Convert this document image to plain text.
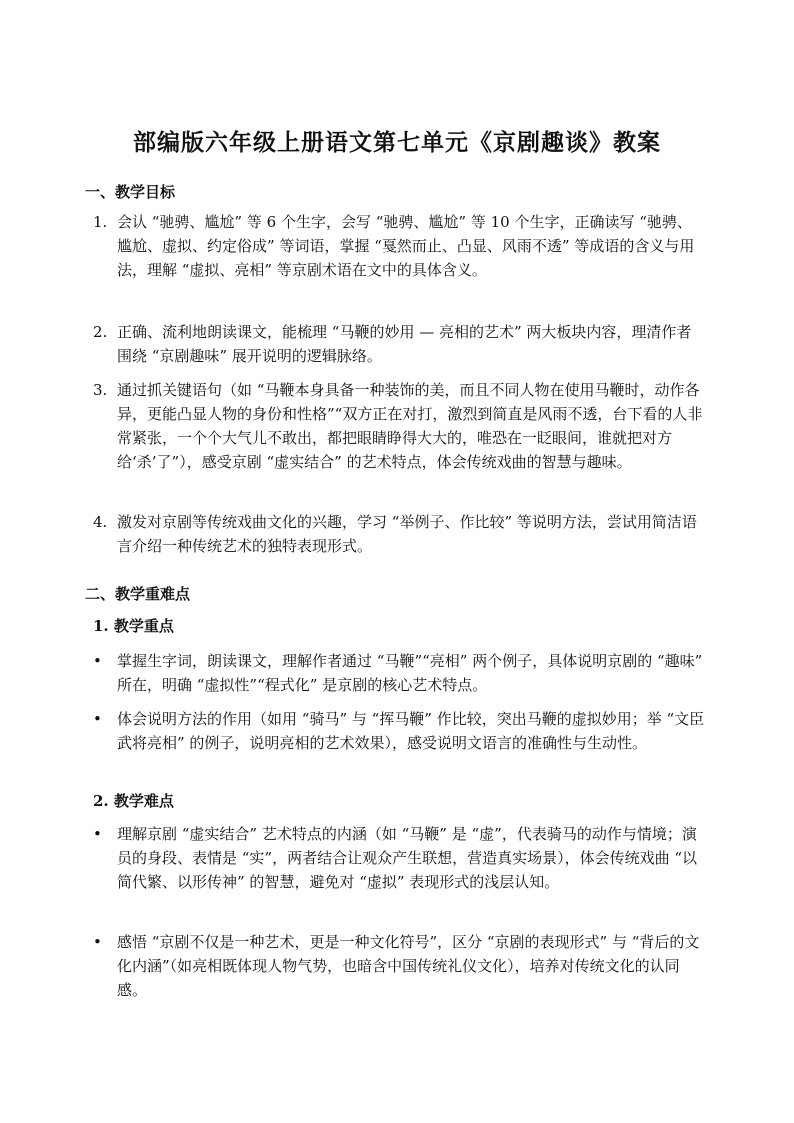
部编版六年级上册语文第七单元《京剧趣谈》教案
一、教学目标
1. 会认 “驰骋、尴尬” 等 6 个生字，会写 “驰骋、尴尬” 等 10 个生字，正确读写 “驰骋、尴尬、虚拟、约定俗成” 等词语，掌握 “戛然而止、凸显、风雨不透” 等成语的含义与用法，理解 “虚拟、亮相” 等京剧术语在文中的具体含义。
2. 正确、流利地朗读课文，能梳理 “马鞭的妙用 — 亮相的艺术” 两大板块内容，理清作者围绕 “京剧趣味” 展开说明的逻辑脉络。
3. 通过抓关键语句（如 “马鞭本身具备一种装饰的美，而且不同人物在使用马鞭时，动作各异，更能凸显人物的身份和性格”“双方正在对打，激烈到简直是风雨不透，台下看的人非常紧张，一个个大气儿不敢出，都把眼睛睁得大大的，唯恐在一眨眼间，谁就把对方给‘杀’了”），感受京剧 “虚实结合” 的艺术特点，体会传统戏曲的智慧与趣味。
4. 激发对京剧等传统戏曲文化的兴趣，学习 “举例子、作比较” 等说明方法，尝试用简洁语言介绍一种传统艺术的独特表现形式。
二、教学重难点
1. 教学重点
•	掌握生字词，朗读课文，理解作者通过 “马鞭”“亮相” 两个例子，具体说明京剧的 “趣味” 所在，明确 “虚拟性”“程式化” 是京剧的核心艺术特点。
•	体会说明方法的作用（如用 “骑马” 与 “挥马鞭” 作比较，突出马鞭的虚拟妙用；举 “文臣武将亮相” 的例子，说明亮相的艺术效果），感受说明文语言的准确性与生动性。
2. 教学难点
•	理解京剧 “虚实结合” 艺术特点的内涵（如 “马鞭” 是 “虚”，代表骑马的动作与情境；演员的身段、表情是 “实”，两者结合让观众产生联想，营造真实场景），体会传统戏曲 “以简代繁、以形传神” 的智慧，避免对 “虚拟” 表现形式的浅层认知。
•	感悟 “京剧不仅是一种艺术，更是一种文化符号”，区分 “京剧的表现形式” 与 “背后的文化内涵”（如亮相既体现人物气势，也暗含中国传统礼仪文化），培养对传统文化的认同感。
